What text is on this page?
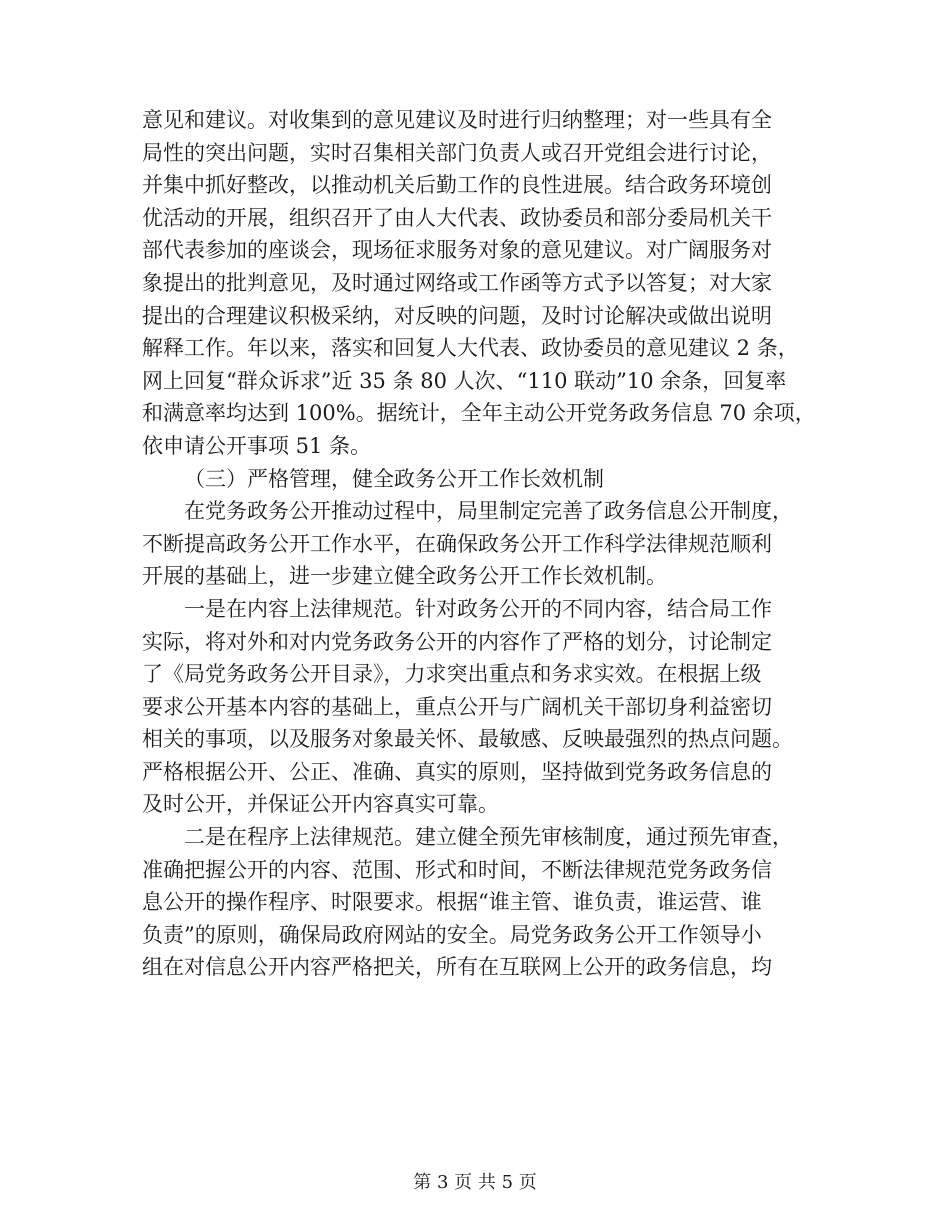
意见和建议。对收集到的意见建议及时进行归纳整理；对一些具有全

局性的突出问题，实时召集相关部门负责人或召开党组会进行讨论，

并集中抓好整改，以推动机关后勤工作的良性进展。结合政务环境创

优活动的开展，组织召开了由人大代表、政协委员和部分委局机关干

部代表参加的座谈会，现场征求服务对象的意见建议。对广阔服务对

象提出的批判意见，及时通过网络或工作函等方式予以答复；对大家

提出的合理建议积极采纳，对反映的问题，及时讨论解决或做出说明

解释工作。年以来，落实和回复人大代表、政协委员的意见建议 2 条，

网上回复“群众诉求”近 35 条 80 人次、“110 联动”10 余条，回复率

和满意率均达到 100%。据统计，全年主动公开党务政务信息 70 余项，

依申请公开事项 51 条。

（三）严格管理，健全政务公开工作长效机制

在党务政务公开推动过程中，局里制定完善了政务信息公开制度，

不断提高政务公开工作水平，在确保政务公开工作科学法律规范顺利

开展的基础上，进一步建立健全政务公开工作长效机制。

一是在内容上法律规范。针对政务公开的不同内容，结合局工作

实际，将对外和对内党务政务公开的内容作了严格的划分，讨论制定

了《局党务政务公开目录》，力求突出重点和务求实效。在根据上级

要求公开基本内容的基础上，重点公开与广阔机关干部切身利益密切

相关的事项，以及服务对象最关怀、最敏感、反映最强烈的热点问题。

严格根据公开、公正、准确、真实的原则，坚持做到党务政务信息的

及时公开，并保证公开内容真实可靠。

二是在程序上法律规范。建立健全预先审核制度，通过预先审查，

准确把握公开的内容、范围、形式和时间，不断法律规范党务政务信

息公开的操作程序、时限要求。根据“谁主管、谁负责，谁运营、谁

负责”的原则，确保局政府网站的安全。局党务政务公开工作领导小

组在对信息公开内容严格把关，所有在互联网上公开的政务信息，均

第 3 页 共 5 页
